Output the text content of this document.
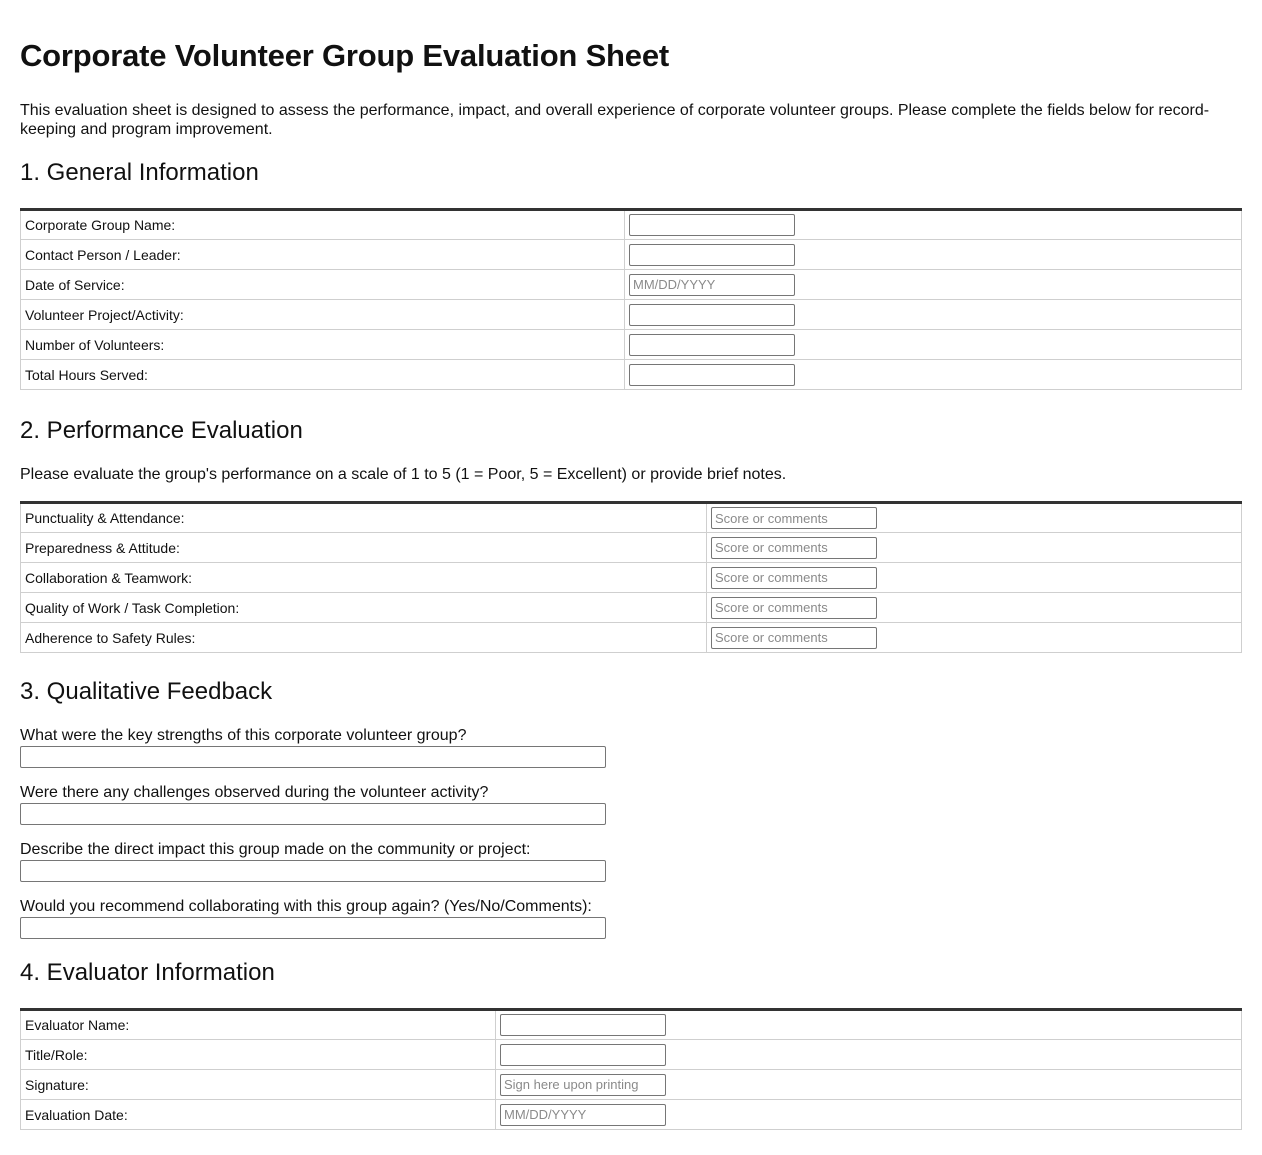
Corporate Volunteer Group Evaluation Sheet

This evaluation sheet is designed to assess the performance, impact, and overall experience of corporate volunteer groups. Please complete the fields below for record-keeping and program improvement.

1. General Information
Corporate Group Name:	

Contact Person / Leader:	

Date of Service:	
MM/DD/YYYY
Volunteer Project/Activity:	

Number of Volunteers:	

Total Hours Served:	
2. Performance Evaluation

Please evaluate the group's performance on a scale of 1 to 5 (1 = Poor, 5 = Excellent) or provide brief notes.

Punctuality & Attendance:	
Score or comments
Preparedness & Attitude:	
Score or comments
Collaboration & Teamwork:	
Score or comments
Quality of Work / Task Completion:	
Score or comments
Adherence to Safety Rules:	
Score or comments
3. Qualitative Feedback

What were the key strengths of this corporate volunteer group?

Were there any challenges observed during the volunteer activity?

Describe the direct impact this group made on the community or project:

Would you recommend collaborating with this group again? (Yes/No/Comments):

4. Evaluator Information
Evaluator Name:	

Title/Role:	

Signature:	
Sign here upon printing
Evaluation Date:	
MM/DD/YYYY
